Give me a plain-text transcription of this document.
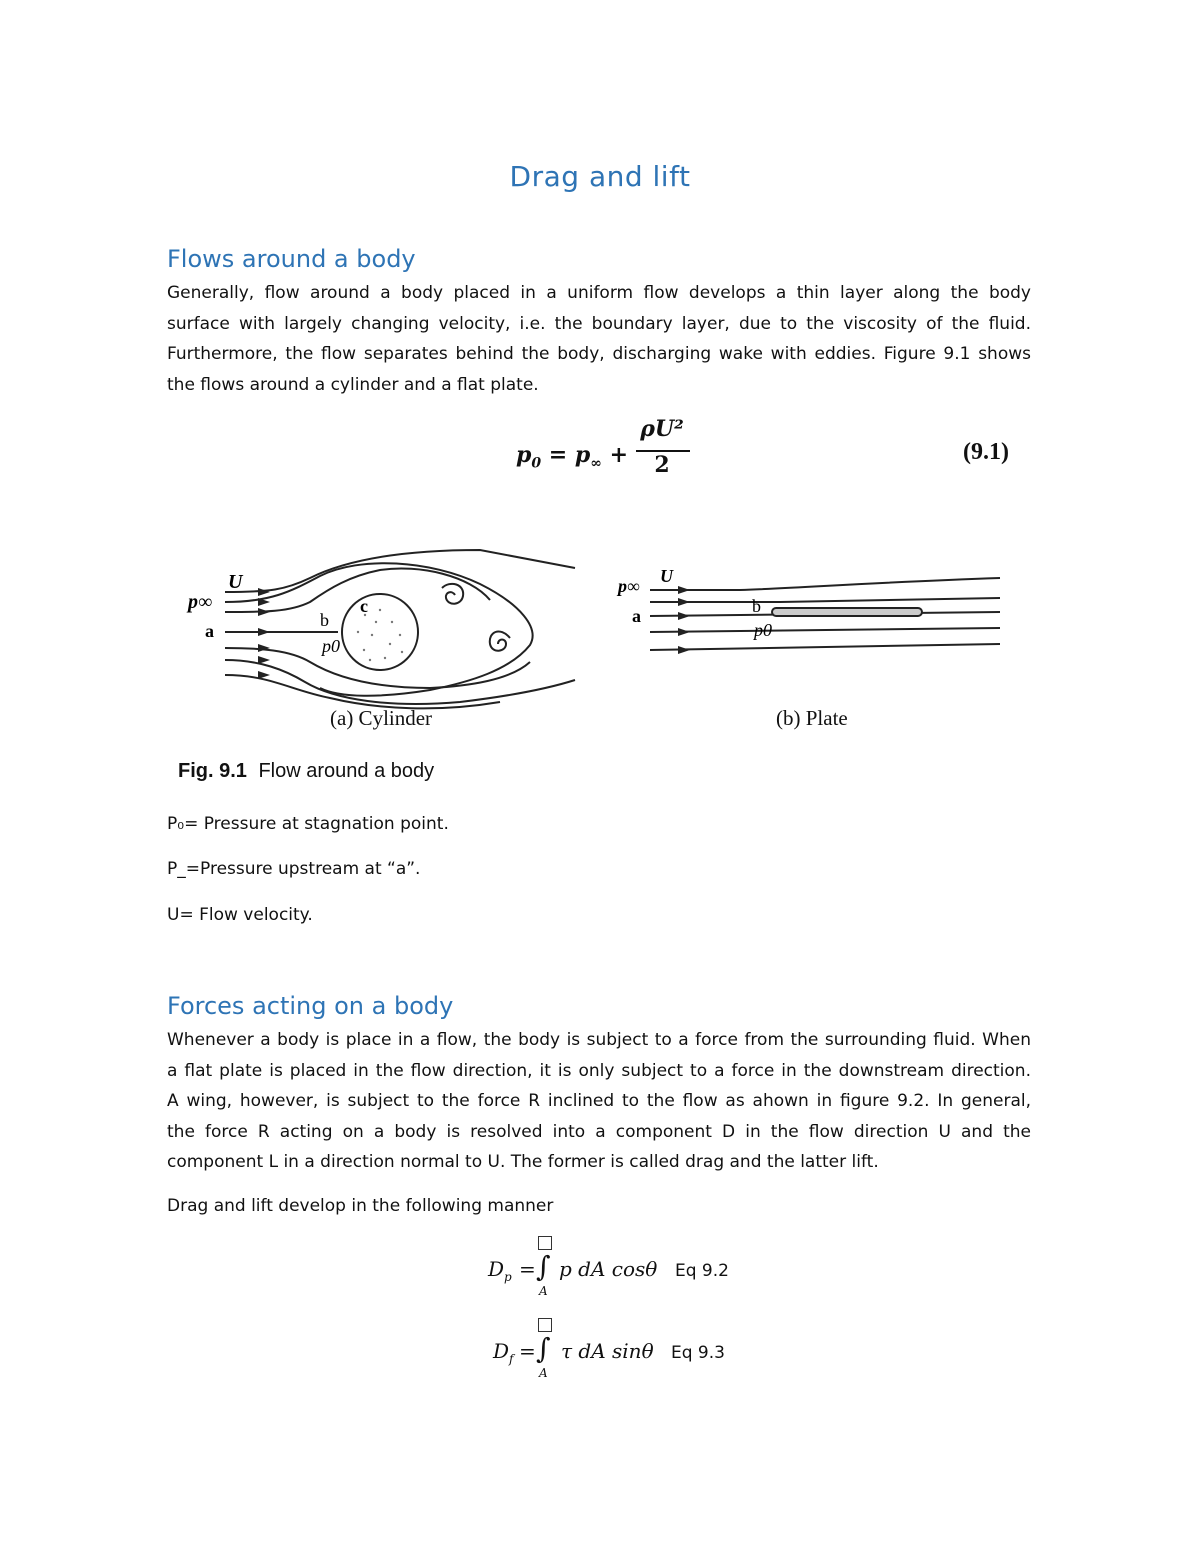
Drag and lift
Flows around a body
Generally, flow around a body placed in a uniform flow develops a thin layer along the body
surface with largely changing velocity, i.e. the boundary layer, due to the viscosity of the fluid.
Furthermore, the flow separates behind the body, discharging wake with eddies. Figure 9.1 shows
the flows around a cylinder and a flat plate.
$p_0 = p_\infty$ +
ρU²
2	(9.1)
p∞
U
a
b
c
p0
p∞ U
a	b
p0
(a) Cylinder	(b) Plate
Fig. 9.1 Flow around a body
P₀= Pressure at stagnation point.
P_=Pressure upstream at “a”.
U= Flow velocity.
Forces acting on a body
Whenever a body is place in a flow, the body is subject to a force from the surrounding fluid. When
a flat plate is placed in the flow direction, it is only subject to a force in the downstream direction.
A wing, however, is subject to the force R inclined to the flow as ahown in figure 9.2. In general,
the force R acting on a body is resolved into a component D in the flow direction U and the
component L in a direction normal to U. The former is called drag and the latter lift.
Drag and lift develop in the following manner
$D_p$ = ∫
A
p dA cosθ Eq 9.2
$D_f$ = ∫
A
τ dA sinθ Eq 9.3
